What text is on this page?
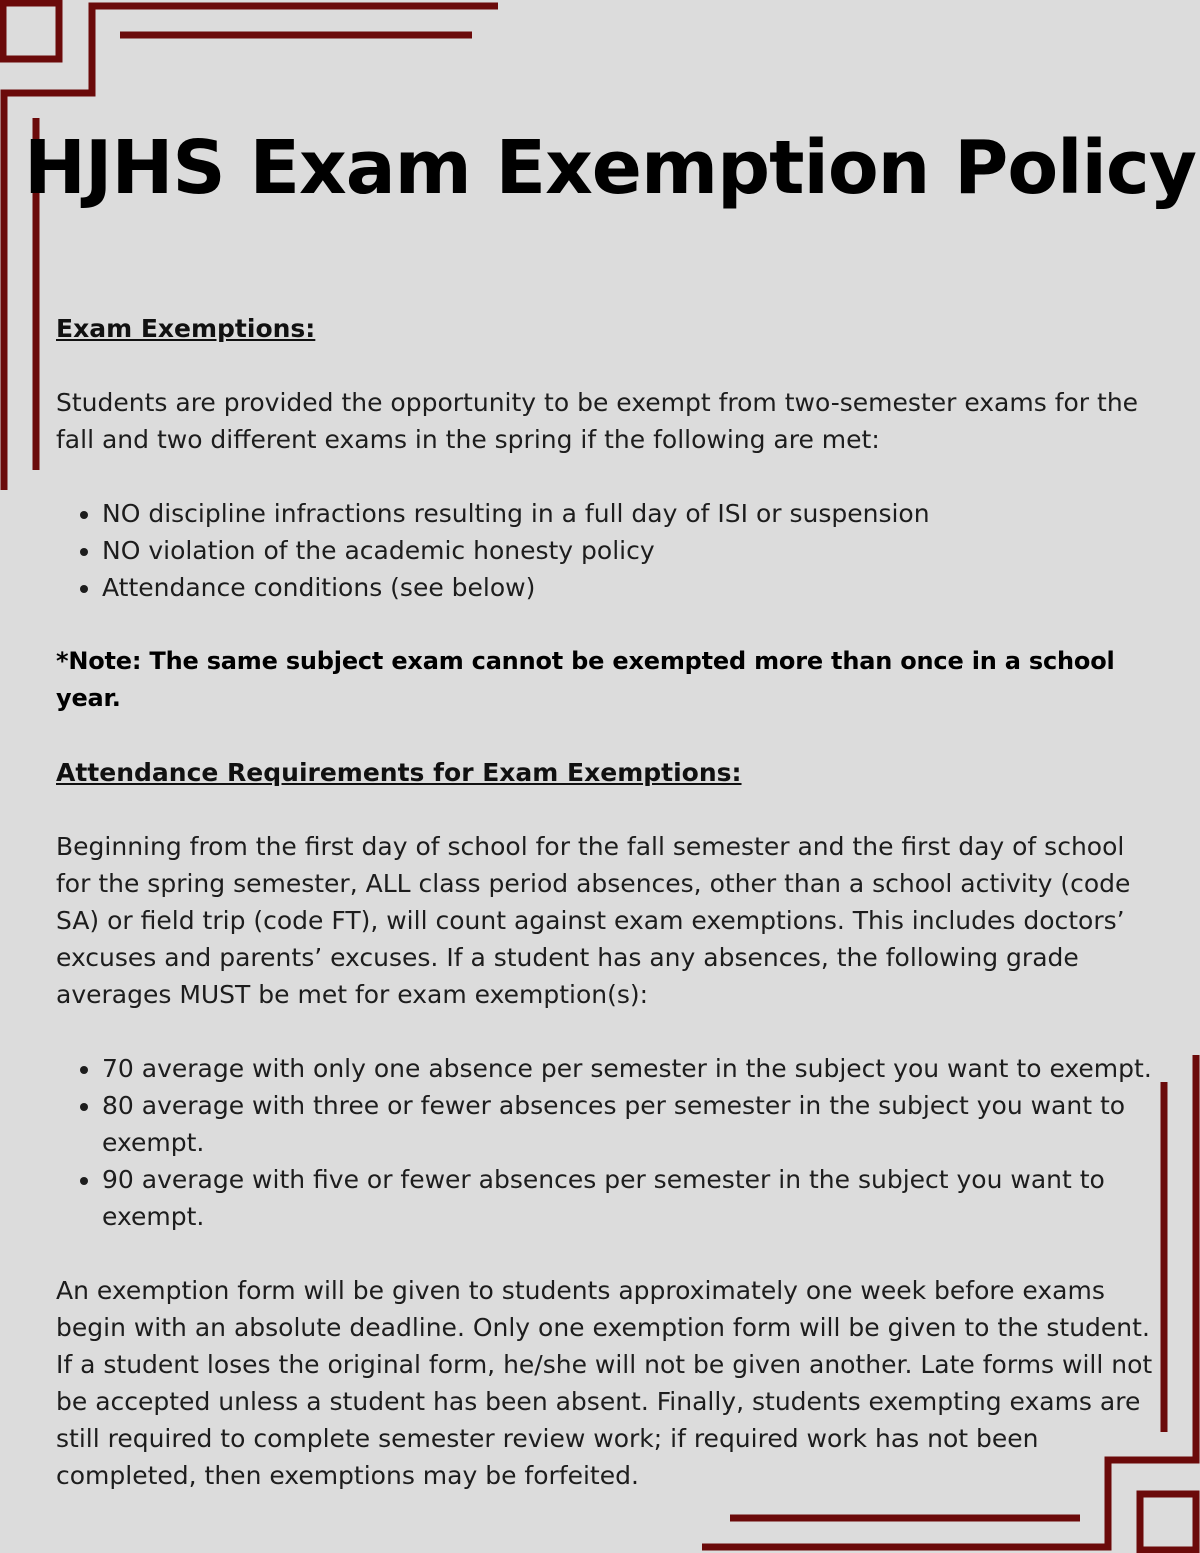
HJHS Exam Exemption Policy
Exam Exemptions:

Students are provided the opportunity to be exempt from two-semester exams for the fall and two different exams in the spring if the following are met:

• NO discipline infractions resulting in a full day of ISI or suspension
• NO violation of the academic honesty policy
• Attendance conditions (see below)

*Note: The same subject exam cannot be exempted more than once in a school year.

Attendance Requirements for Exam Exemptions:

Beginning from the first day of school for the fall semester and the first day of school for the spring semester, ALL class period absences, other than a school activity (code SA) or field trip (code FT), will count against exam exemptions. This includes doctors’ excuses and parents’ excuses. If a student has any absences, the following grade averages MUST be met for exam exemption(s):

• 70 average with only one absence per semester in the subject you want to exempt.
• 80 average with three or fewer absences per semester in the subject you want to exempt.
• 90 average with five or fewer absences per semester in the subject you want to exempt.

An exemption form will be given to students approximately one week before exams begin with an absolute deadline. Only one exemption form will be given to the student. If a student loses the original form, he/she will not be given another. Late forms will not be accepted unless a student has been absent. Finally, students exempting exams are still required to complete semester review work; if required work has not been completed, then exemptions may be forfeited.
